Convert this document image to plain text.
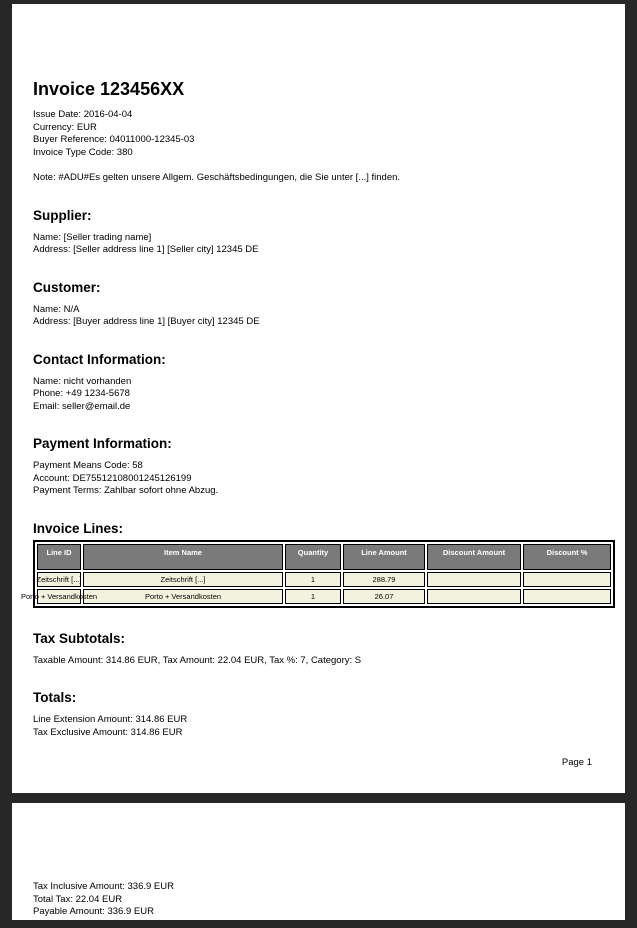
Invoice 123456XX

Issue Date: 2016-04-04

Currency: EUR

Buyer Reference: 04011000-12345-03

Invoice Type Code: 380

Note: #ADU#Es gelten unsere Allgem. Geschäftsbedingungen, die Sie unter [...] finden.

Supplier:

Name: [Seller trading name]

Address: [Seller address line 1] [Seller city] 12345 DE

Customer:

Name: N/A

Address: [Buyer address line 1] [Buyer city] 12345 DE

Contact Information:

Name: nicht vorhanden

Phone: +49 1234-5678

Email: seller@email.de

Payment Information:

Payment Means Code: 58

Account: DE75512108001245126199

Payment Terms: Zahlbar sofort ohne Abzug.

Invoice Lines:
Line ID	Item Name	Quantity	Line Amount	Discount Amount	Discount %
Zeitschrift [...]	Zeitschrift [...]	1	288.79		
Porto + Versandkosten	Porto + Versandkosten	1	26.07		
Tax Subtotals:

Taxable Amount: 314.86 EUR, Tax Amount: 22.04 EUR, Tax %: 7, Category: S

Totals:

Line Extension Amount: 314.86 EUR

Tax Exclusive Amount: 314.86 EUR

Page 1

Tax Inclusive Amount: 336.9 EUR

Total Tax: 22.04 EUR

Payable Amount: 336.9 EUR
